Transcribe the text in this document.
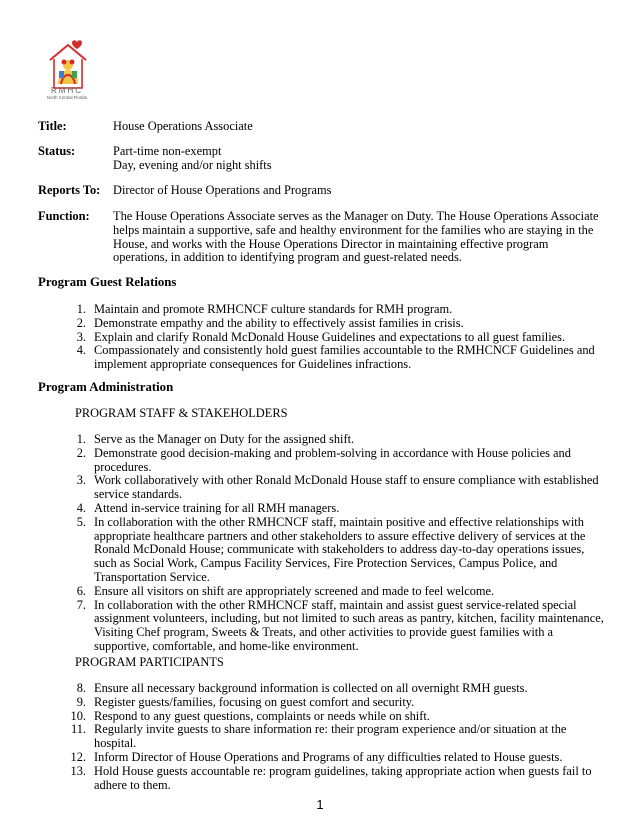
RMHC
North Central Florida
Title:	House Operations Associate
Status:	Part-time non-exempt
Day, evening and/or night shifts
Reports To: Director of House Operations and Programs
Function: The House Operations Associate serves as the Manager on Duty. The House Operations Associate helps maintain a supportive, safe and healthy environment for the families who are staying in the House, and works with the House Operations Director in maintaining effective program operations, in addition to identifying program and guest-related needs.
Program Guest Relations
1. Maintain and promote RMHCNCF culture standards for RMH program.
2. Demonstrate empathy and the ability to effectively assist families in crisis.
3. Explain and clarify Ronald McDonald House Guidelines and expectations to all guest families.
4. Compassionately and consistently hold guest families accountable to the RMHCNCF Guidelines and implement appropriate consequences for Guidelines infractions.
Program Administration
PROGRAM STAFF & STAKEHOLDERS
1. Serve as the Manager on Duty for the assigned shift.
2. Demonstrate good decision-making and problem-solving in accordance with House policies and procedures.
3. Work collaboratively with other Ronald McDonald House staff to ensure compliance with established service standards.
4. Attend in-service training for all RMH managers.
5. In collaboration with the other RMHCNCF staff, maintain positive and effective relationships with appropriate healthcare partners and other stakeholders to assure effective delivery of services at the Ronald McDonald House; communicate with stakeholders to address day-to-day operations issues, such as Social Work, Campus Facility Services, Fire Protection Services, Campus Police, and Transportation Service.
6. Ensure all visitors on shift are appropriately screened and made to feel welcome.
7. In collaboration with the other RMHCNCF staff, maintain and assist guest service-related special assignment volunteers, including, but not limited to such areas as pantry, kitchen, facility maintenance, Visiting Chef program, Sweets & Treats, and other activities to provide guest families with a supportive, comfortable, and home-like environment.
PROGRAM PARTICIPANTS
8. Ensure all necessary background information is collected on all overnight RMH guests.
9. Register guests/families, focusing on guest comfort and security.
10. Respond to any guest questions, complaints or needs while on shift.
11. Regularly invite guests to share information re: their program experience and/or situation at the hospital.
12. Inform Director of House Operations and Programs of any difficulties related to House guests.
13. Hold House guests accountable re: program guidelines, taking appropriate action when guests fail to adhere to them.
1
